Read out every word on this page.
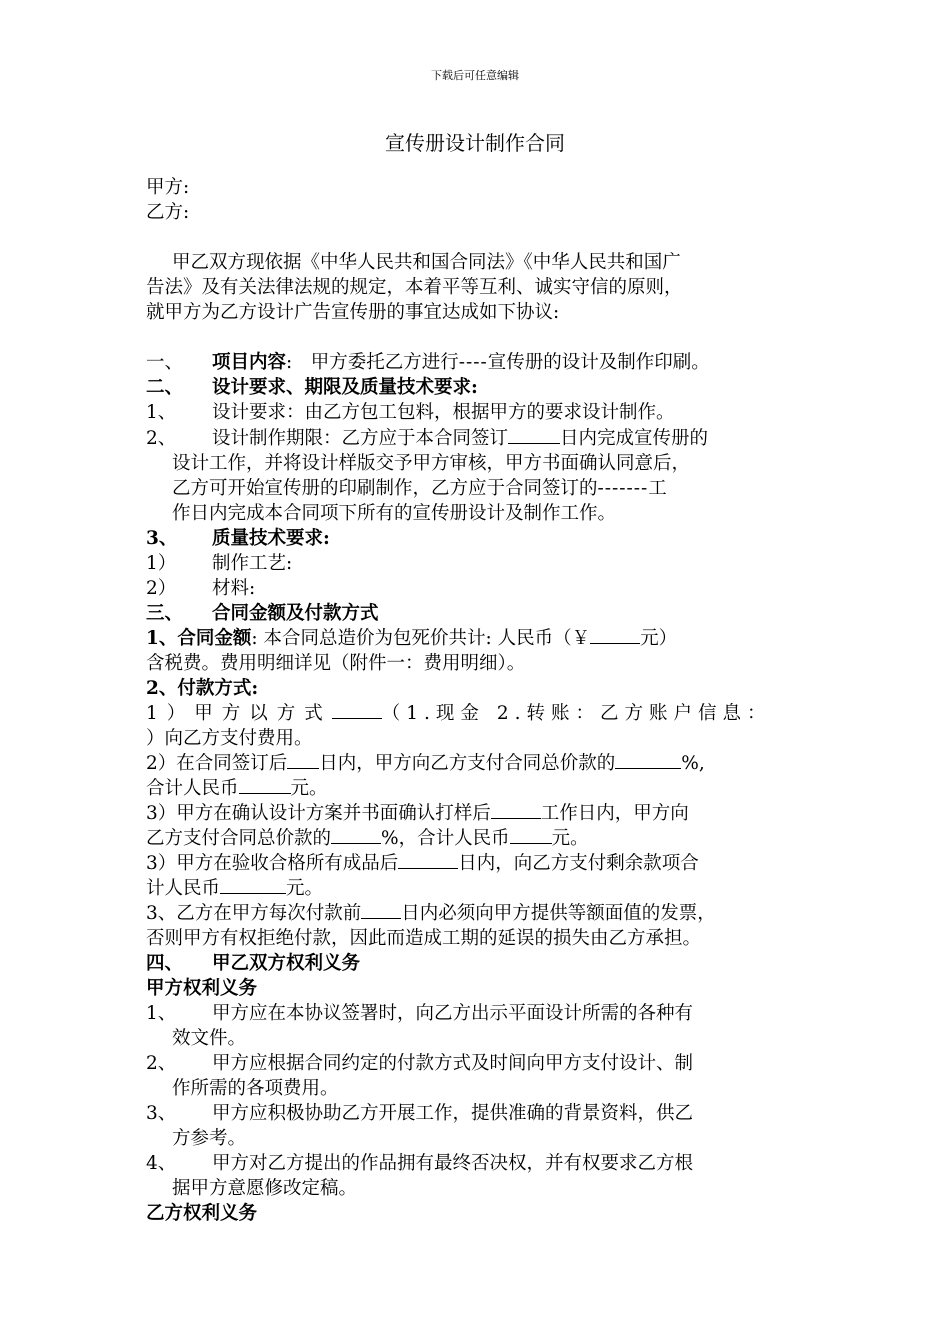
下载后可任意编辑
宣传册设计制作合同
甲方:
乙方:
甲乙双方现依据《中华人民共和国合同法》《中华人民共和国广
告法》及有关法律法规的规定，本着平等互利、诚实守信的原则，
就甲方为乙方设计广告宣传册的事宜达成如下协议:
一、 项目内容:　甲方委托乙方进行----宣传册的设计及制作印刷。
二、 设计要求、期限及质量技术要求:
1、 设计要求：由乙方包工包料，根据甲方的要求设计制作。
2、 设计制作期限：乙方应于本合同签订	日内完成宣传册的
设计工作，并将设计样版交予甲方审核，甲方书面确认同意后，
乙方可开始宣传册的印刷制作，乙方应于合同签订的-------工
作日内完成本合同项下所有的宣传册设计及制作工作。
3、 质量技术要求:
1） 制作工艺:
2） 材料:
三、 合同金额及付款方式
1、合同金额: 本合同总造价为包死价共计: 人民币（￥	元）
含税费。费用明细详见（附件一：费用明细）。
2、付款方式:
1）甲方以方式	（1.现金 2.转账：乙方账户信息：
）向乙方支付费用。
2）在合同签订后 日内，甲方向乙方支付合同总价款的	%,
合计人民币	元。
3）甲方在确认设计方案并书面确认打样后	工作日内，甲方向
乙方支付合同总价款的	%，合计人民币 元。
3）甲方在验收合格所有成品后	日内，向乙方支付剩余款项合
计人民币	元。
3、乙方在甲方每次付款前 日内必须向甲方提供等额面值的发票，
否则甲方有权拒绝付款，因此而造成工期的延误的损失由乙方承担。
四、 甲乙双方权利义务
甲方权利义务
1、 甲方应在本协议签署时，向乙方出示平面设计所需的各种有
效文件。
2、 甲方应根据合同约定的付款方式及时间向甲方支付设计、制
作所需的各项费用。
3、 甲方应积极协助乙方开展工作，提供准确的背景资料，供乙
方参考。
4、 甲方对乙方提出的作品拥有最终否决权，并有权要求乙方根
据甲方意愿修改定稿。
乙方权利义务
